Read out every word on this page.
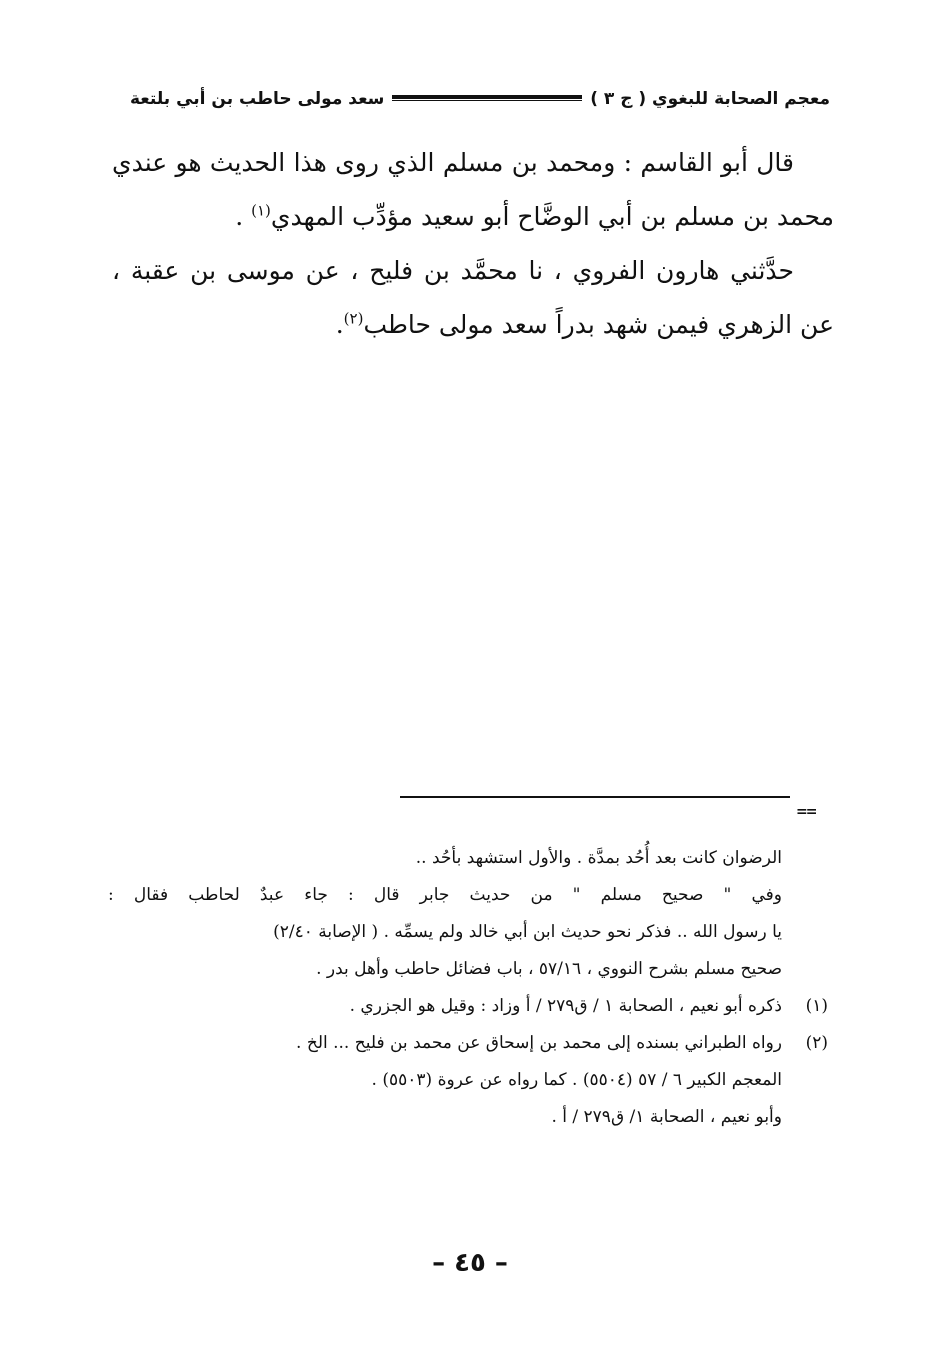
معجم الصحابة للبغوي ( ج ٣ )
سعد مولى حاطب بن أبي بلتعة

قال أبو القاسم : ومحمد بن مسلم الذي روى هذا الحديث هو عندي محمد بن مسلم بن أبي الوضَّاح أبو سعيد مؤدِّب المهدي$^{(١)}$ .

حدَّثني هارون الفروي ، نا محمَّد بن فليح ، عن موسى بن عقبة ، عن الزهري فيمن شهد بدراً سعد مولى حاطب$^{(٢)}$.

==

الرضوان كانت بعد أُحُد بمدَّة . والأول استشهد بأحُد ..

وفي " صحيح مسلم " من حديث جابر قال : جاء عبدٌ لحاطب فقال :

يا رسول الله .. فذكر نحو حديث ابن أبي خالد ولم يسمِّه . ( الإصابة ٢/٤٠)

صحيح مسلم بشرح النووي ، ٥٧/١٦ ، باب فضائل حاطب وأهل بدر .

(١)

ذكره أبو نعيم ، الصحابة ١ / ق٢٧٩ / أ وزاد : وقيل هو الجزري .

(٢)

رواه الطبراني بسنده إلى محمد بن إسحاق عن محمد بن فليح ... الخ .

المعجم الكبير ٦ / ٥٧ (٥٥٠٤) . كما رواه عن عروة (٥٥٠٣) .

وأبو نعيم ، الصحابة ١/ ق٢٧٩ / أ .

– ٤٥ –
